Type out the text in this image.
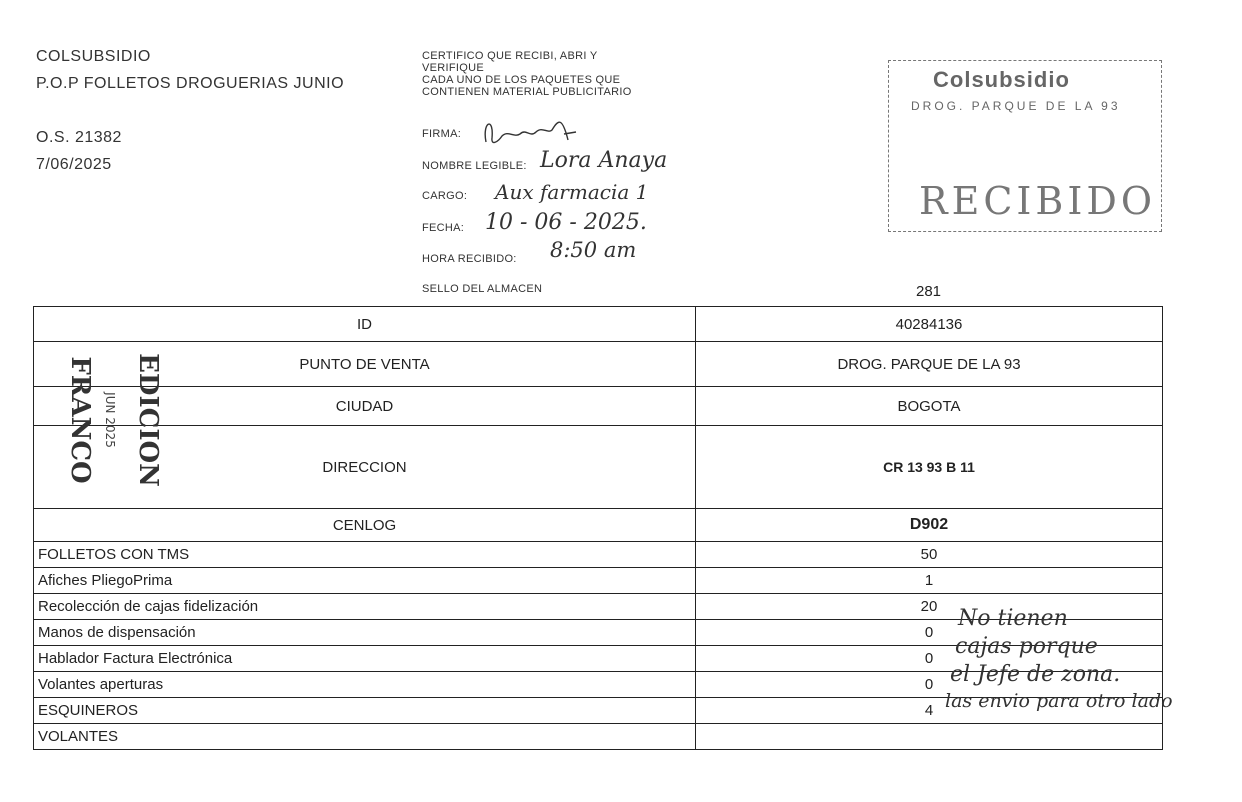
COLSUBSIDIO
P.O.P FOLLETOS DROGUERIAS JUNIO
O.S. 21382
7/06/2025
CERTIFICO QUE RECIBI, ABRI Y
VERIFIQUE
CADA UNO DE LOS PAQUETES QUE
CONTIENEN MATERIAL PUBLICITARIO
FIRMA:
NOMBRE LEGIBLE: Lora Anaya
CARGO: Aux farmacia 1
FECHA: 10 - 06 - 2025.
HORA RECIBIDO: 8:50 am
SELLO DEL ALMACEN
Colsubsidio
DROG. PARQUE DE LA 93
RECIBIDO
281
ID	40284136
PUNTO DE VENTA	DROG. PARQUE DE LA 93
CIUDAD	BOGOTA
DIRECCION	CR 13 93 B 11
CENLOG	D902
FOLLETOS CON TMS	50
Afiches PliegoPrima	1
Recolección de cajas fidelización	20
Manos de dispensación	0
Hablador Factura Electrónica	0
Volantes aperturas	0
ESQUINEROS	4
VOLANTES	
FRANCO JUN 2025 EDICION
No tienen
cajas porque
el Jefe de zona.
las envio para otro lado
